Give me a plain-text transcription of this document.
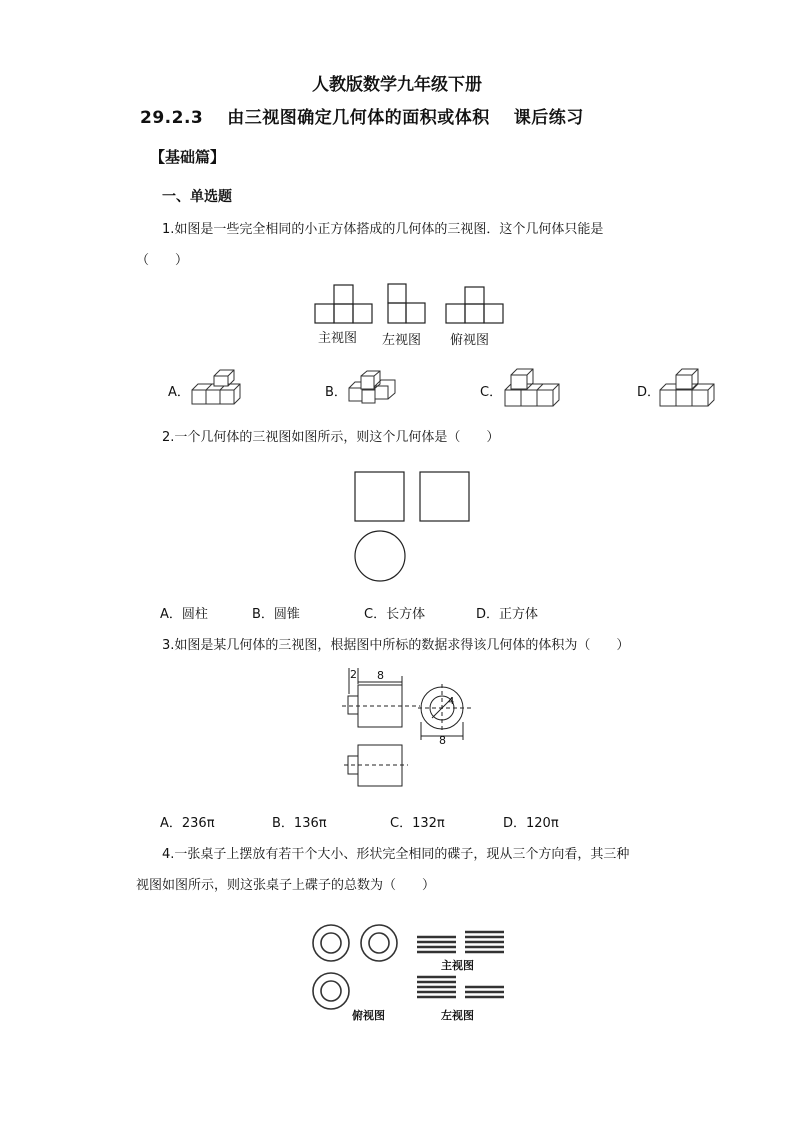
人教版数学九年级下册
29.2.3 由三视图确定几何体的面积或体积 课后练习
【基础篇】
一、单选题
1.如图是一些完全相同的小正方体搭成的几何体的三视图．这个几何体只能是
（　　）
主视图 左视图 俯视图
A．	B．	C．	D．
2.一个几何体的三视图如图所示，则这个几何体是（　　）
A．圆柱	B．圆锥	C．长方体	D．正方体
3.如图是某几何体的三视图，根据图中所标的数据求得该几何体的体积为（　　）
2 8
4
8
A．236π	B．136π	C．132π	D．120π
4.一张桌子上摆放有若干个大小、形状完全相同的碟子，现从三个方向看，其三种
视图如图所示，则这张桌子上碟子的总数为（　　）
主视图
俯视图	左视图
